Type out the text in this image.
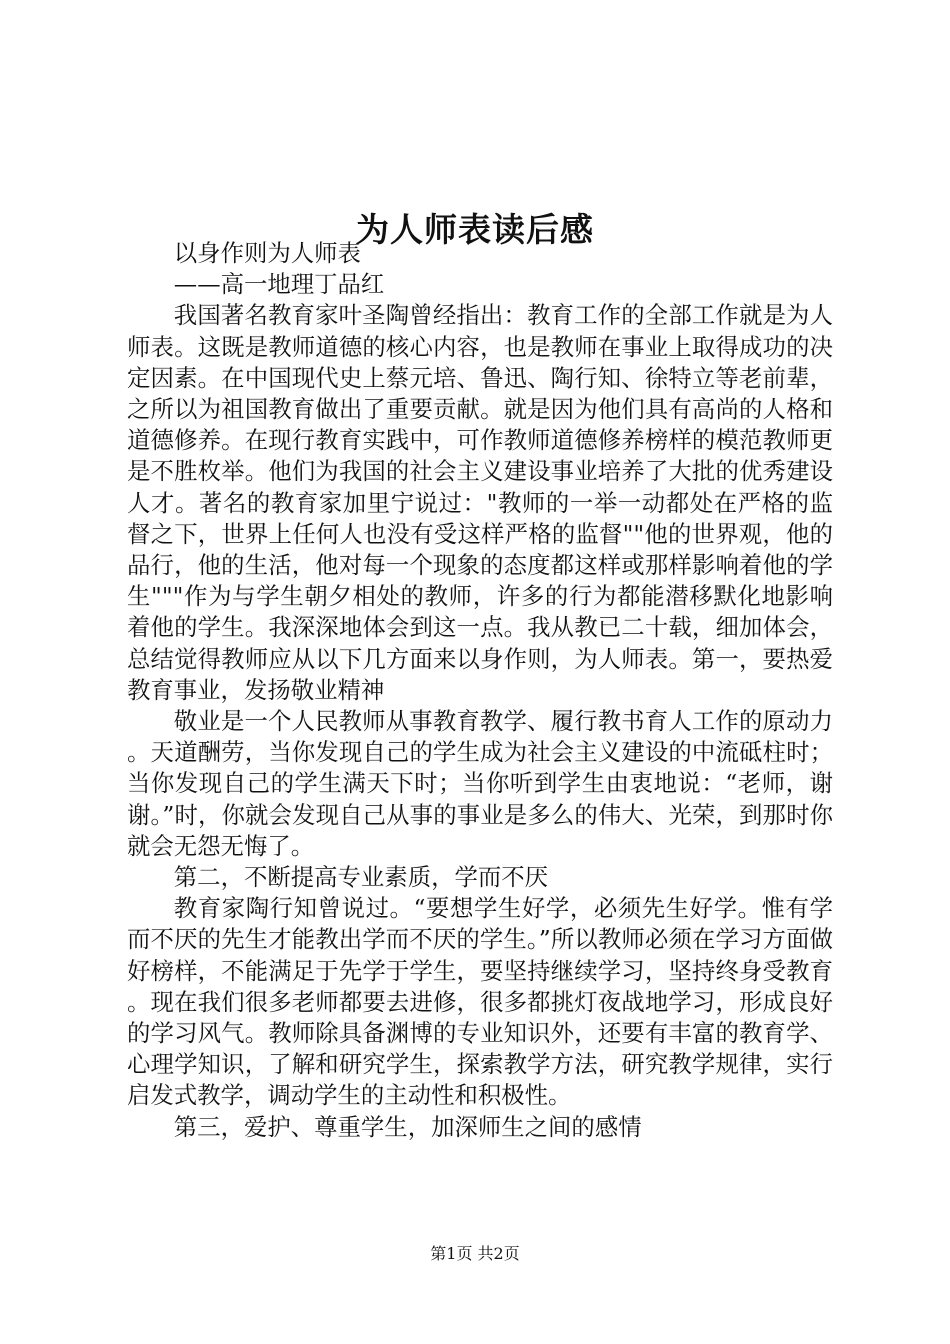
为人师表读后感

以身作则为人师表

——高一地理丁品红

我国著名教育家叶圣陶曾经指出：教育工作的全部工作就是为人师表。这既是教师道德的核心内容，也是教师在事业上取得成功的决定因素。在中国现代史上蔡元培、鲁迅、陶行知、徐特立等老前辈，之所以为祖国教育做出了重要贡献。就是因为他们具有高尚的人格和道德修养。在现行教育实践中，可作教师道德修养榜样的模范教师更是不胜枚举。他们为我国的社会主义建设事业培养了大批的优秀建设人才。著名的教育家加里宁说过："教师的一举一动都处在严格的监督之下，世界上任何人也没有受这样严格的监督""他的世界观，他的品行，他的生活，他对每一个现象的态度都这样或那样影响着他的学生"""作为与学生朝夕相处的教师，许多的行为都能潜移默化地影响着他的学生。我深深地体会到这一点。我从教已二十载，细加体会，总结觉得教师应从以下几方面来以身作则，为人师表。第一，要热爱教育事业，发扬敬业精神

敬业是一个人民教师从事教育教学、履行教书育人工作的原动力。天道酬劳，当你发现自己的学生成为社会主义建设的中流砥柱时；当你发现自己的学生满天下时；当你听到学生由衷地说：“老师，谢谢。”时，你就会发现自己从事的事业是多么的伟大、光荣，到那时你就会无怨无悔了。

第二，不断提高专业素质，学而不厌

教育家陶行知曾说过。“要想学生好学，必须先生好学。惟有学而不厌的先生才能教出学而不厌的学生。”所以教师必须在学习方面做好榜样，不能满足于先学于学生，要坚持继续学习，坚持终身受教育。现在我们很多老师都要去进修，很多都挑灯夜战地学习，形成良好的学习风气。教师除具备渊博的专业知识外，还要有丰富的教育学、心理学知识，了解和研究学生，探索教学方法，研究教学规律，实行启发式教学，调动学生的主动性和积极性。

第三，爱护、尊重学生，加深师生之间的感情

第1页 共2页
